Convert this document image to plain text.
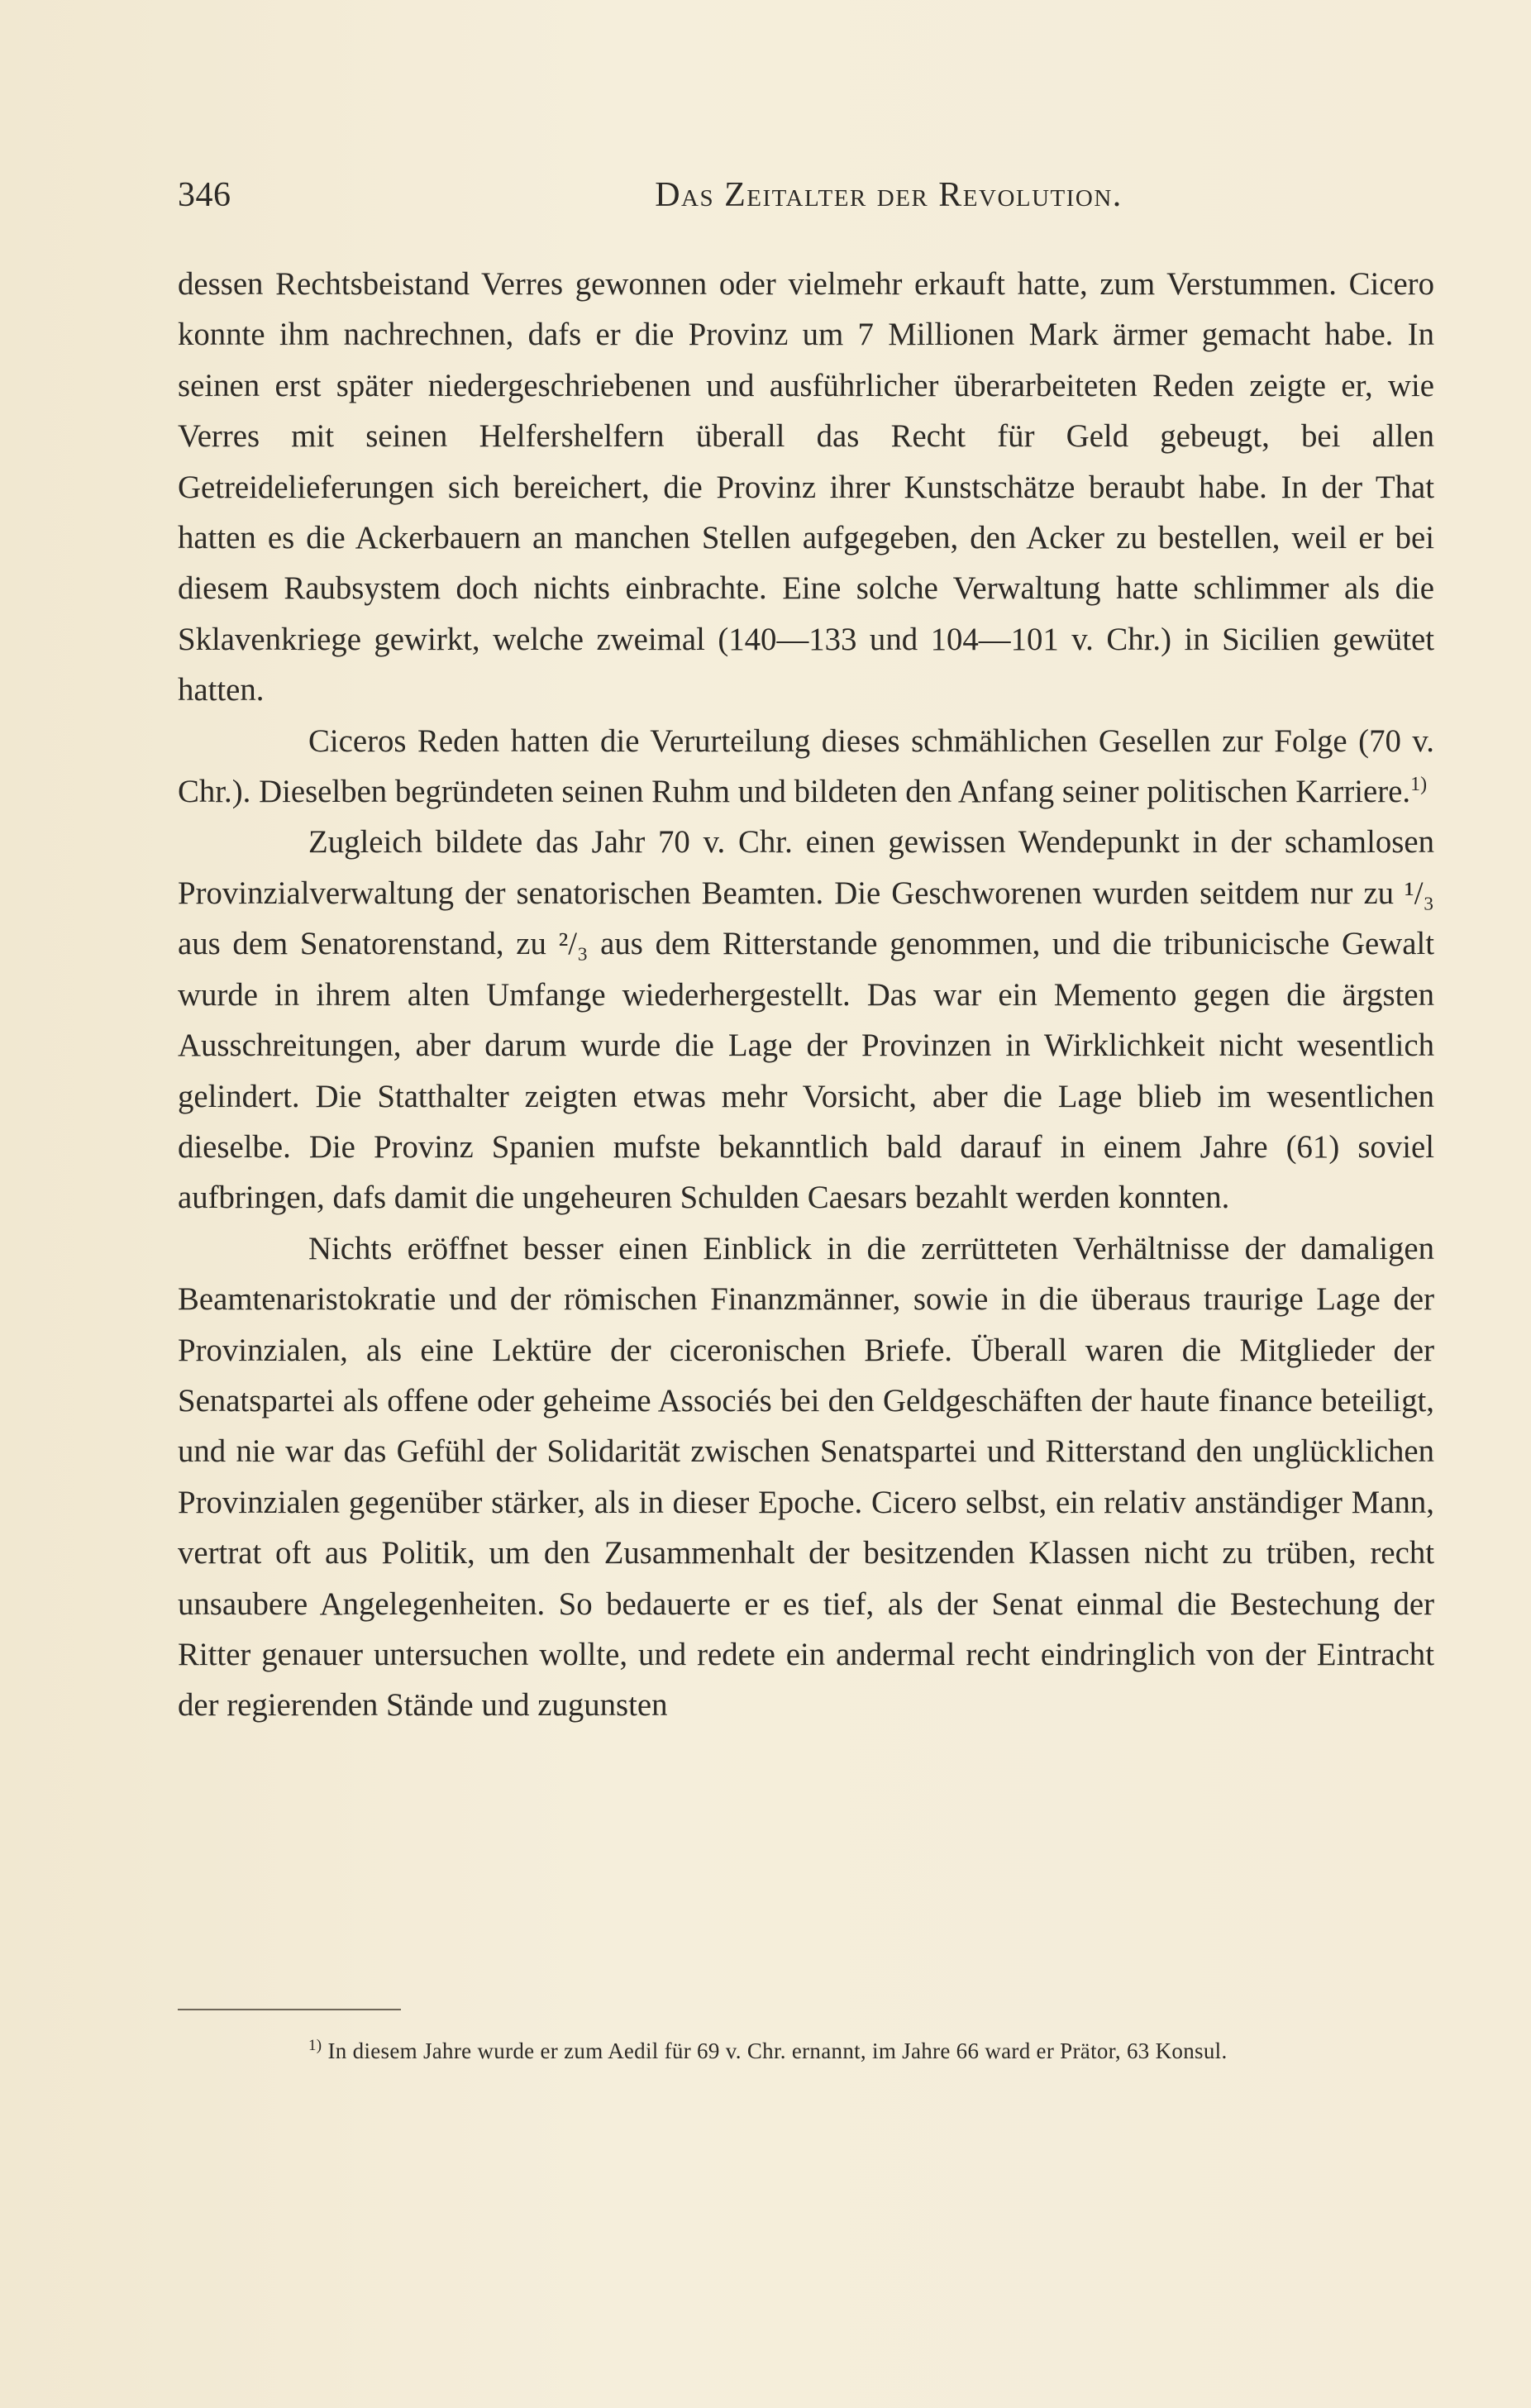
346	Das Zeitalter der Revolution.

dessen Rechtsbeistand Verres gewonnen oder vielmehr erkauft hatte, zum Verstummen. Cicero konnte ihm nachrechnen, dafs er die Provinz um 7 Millionen Mark ärmer gemacht habe. In seinen erst später niedergeschriebenen und ausführlicher überarbeiteten Reden zeigte er, wie Verres mit seinen Helfershelfern überall das Recht für Geld gebeugt, bei allen Getreidelieferungen sich bereichert, die Provinz ihrer Kunstschätze beraubt habe. In der That hatten es die Ackerbauern an manchen Stellen aufgegeben, den Acker zu bestellen, weil er bei diesem Raubsystem doch nichts einbrachte. Eine solche Verwaltung hatte schlimmer als die Sklavenkriege gewirkt, welche zweimal (140—133 und 104—101 v. Chr.) in Sicilien gewütet hatten.

Ciceros Reden hatten die Verurteilung dieses schmählichen Gesellen zur Folge (70 v. Chr.). Dieselben begründeten seinen Ruhm und bildeten den Anfang seiner politischen Karriere.$^{1)}$

Zugleich bildete das Jahr 70 v. Chr. einen gewissen Wendepunkt in der schamlosen Provinzialverwaltung der senatorischen Beamten. Die Geschworenen wurden seitdem nur zu ¹/₃ aus dem Senatorenstand, zu ²/₃ aus dem Ritterstande genommen, und die tribunicische Gewalt wurde in ihrem alten Umfange wiederhergestellt. Das war ein Memento gegen die ärgsten Ausschreitungen, aber darum wurde die Lage der Provinzen in Wirklichkeit nicht wesentlich gelindert. Die Statthalter zeigten etwas mehr Vorsicht, aber die Lage blieb im wesentlichen dieselbe. Die Provinz Spanien mufste bekanntlich bald darauf in einem Jahre (61) soviel aufbringen, dafs damit die ungeheuren Schulden Caesars bezahlt werden konnten.

Nichts eröffnet besser einen Einblick in die zerrütteten Verhältnisse der damaligen Beamtenaristokratie und der römischen Finanzmänner, sowie in die überaus traurige Lage der Provinzialen, als eine Lektüre der ciceronischen Briefe. Überall waren die Mitglieder der Senatspartei als offene oder geheime Associés bei den Geldgeschäften der haute finance beteiligt, und nie war das Gefühl der Solidarität zwischen Senatspartei und Ritterstand den unglücklichen Provinzialen gegenüber stärker, als in dieser Epoche. Cicero selbst, ein relativ anständiger Mann, vertrat oft aus Politik, um den Zusammenhalt der besitzenden Klassen nicht zu trüben, recht unsaubere Angelegenheiten. So bedauerte er es tief, als der Senat einmal die Bestechung der Ritter genauer untersuchen wollte, und redete ein andermal recht eindringlich von der Eintracht der regierenden Stände und zugunsten

$^{1)}$ In diesem Jahre wurde er zum Aedil für 69 v. Chr. ernannt, im Jahre 66 ward er Prätor, 63 Konsul.
